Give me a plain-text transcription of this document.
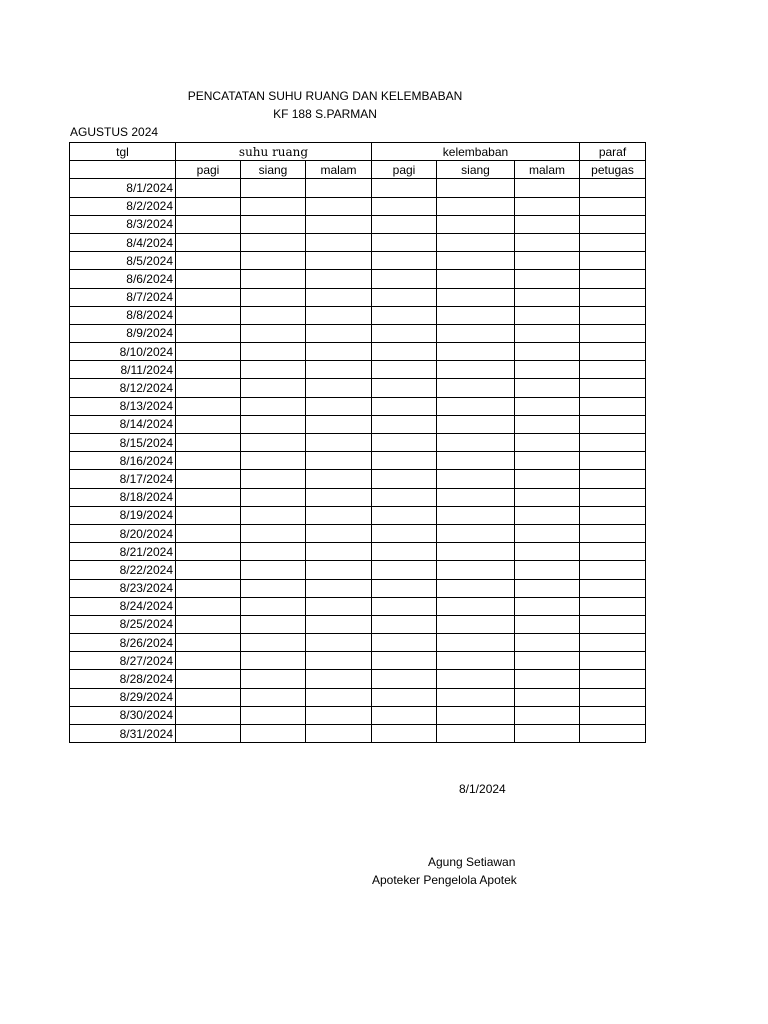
PENCATATAN SUHU RUANG DAN KELEMBABAN
KF 188 S.PARMAN
AGUSTUS 2024
tgl	suhu ruang			kelembaban			paraf
	pagi	siang	malam	pagi	siang	malam	petugas
8/1/2024							
8/2/2024							
8/3/2024							
8/4/2024							
8/5/2024							
8/6/2024							
8/7/2024							
8/8/2024							
8/9/2024							
8/10/2024							
8/11/2024							
8/12/2024							
8/13/2024							
8/14/2024							
8/15/2024							
8/16/2024							
8/17/2024							
8/18/2024							
8/19/2024							
8/20/2024							
8/21/2024							
8/22/2024							
8/23/2024							
8/24/2024							
8/25/2024							
8/26/2024							
8/27/2024							
8/28/2024							
8/29/2024							
8/30/2024							
8/31/2024							
8/1/2024
Agung Setiawan
Apoteker Pengelola Apotek
